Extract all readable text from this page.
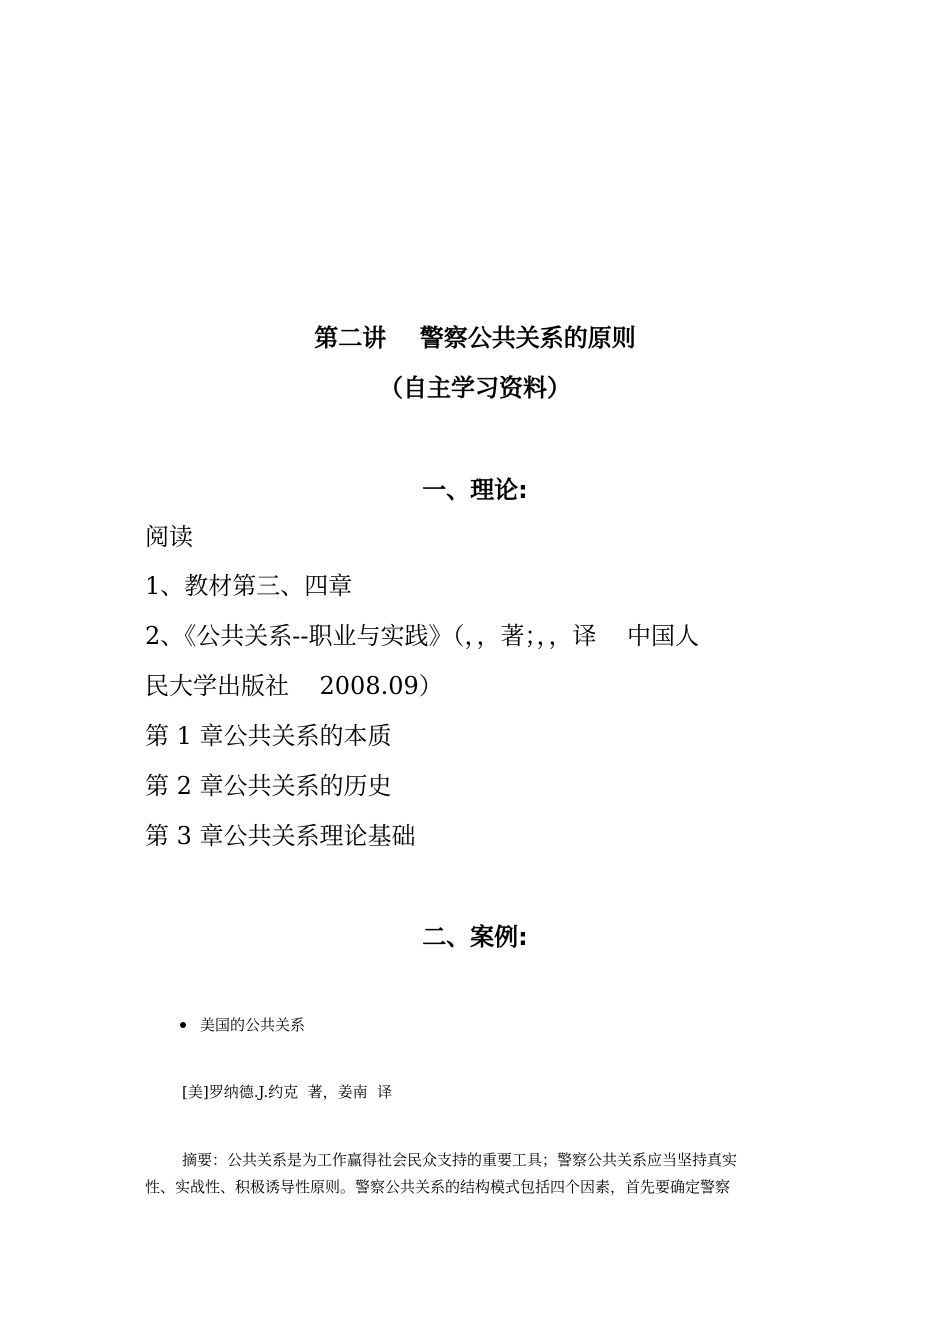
第二讲    警察公共关系的原则
（自主学习资料）
一、理论:
阅读
1、教材第三、四章
2、《公共关系--职业与实践》（，，著；，，译    中国人
民大学出版社    2008.09）
第 1 章公共关系的本质
第 2 章公共关系的历史
第 3 章公共关系理论基础
二、案例:
美国的公共关系
[美]罗纳德.J.约克  著，姜南  译
摘要：公共关系是为工作赢得社会民众支持的重要工具；警察公共关系应当坚持真实
性、实战性、积极诱导性原则。警察公共关系的结构模式包括四个因素，首先要确定警察
